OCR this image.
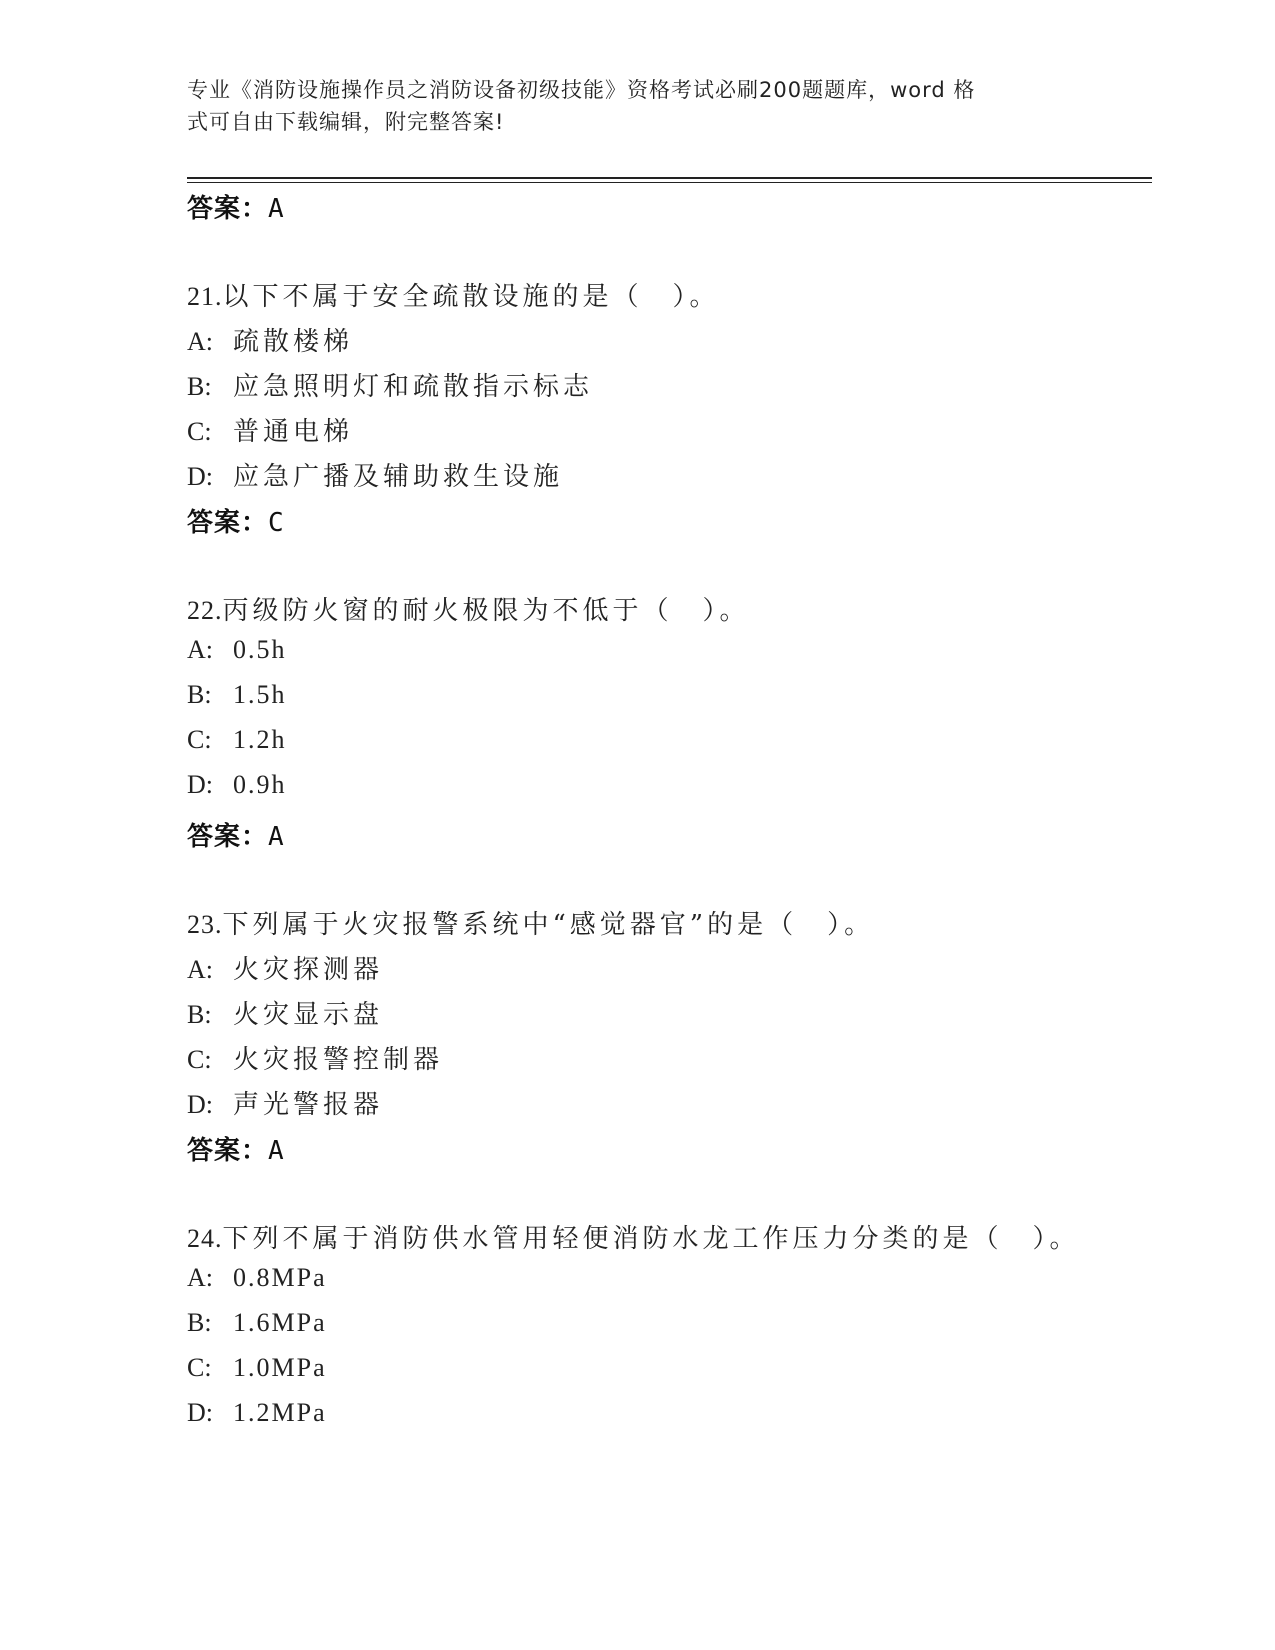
专业《消防设施操作员之消防设备初级技能》资格考试必刷200题题库，word 格
式可自由下载编辑，附完整答案!
答案：A
21.以下不属于安全疏散设施的是（　）。
A: 疏散楼梯
B: 应急照明灯和疏散指示标志
C: 普通电梯
D: 应急广播及辅助救生设施
答案：C
22.丙级防火窗的耐火极限为不低于（　）。
A: 0.5h
B: 1.5h
C: 1.2h
D: 0.9h
答案：A
23.下列属于火灾报警系统中“感觉器官”的是（　）。
A: 火灾探测器
B: 火灾显示盘
C: 火灾报警控制器
D: 声光警报器
答案：A
24.下列不属于消防供水管用轻便消防水龙工作压力分类的是（　）。
A: 0.8MPa
B: 1.6MPa
C: 1.0MPa
D: 1.2MPa
